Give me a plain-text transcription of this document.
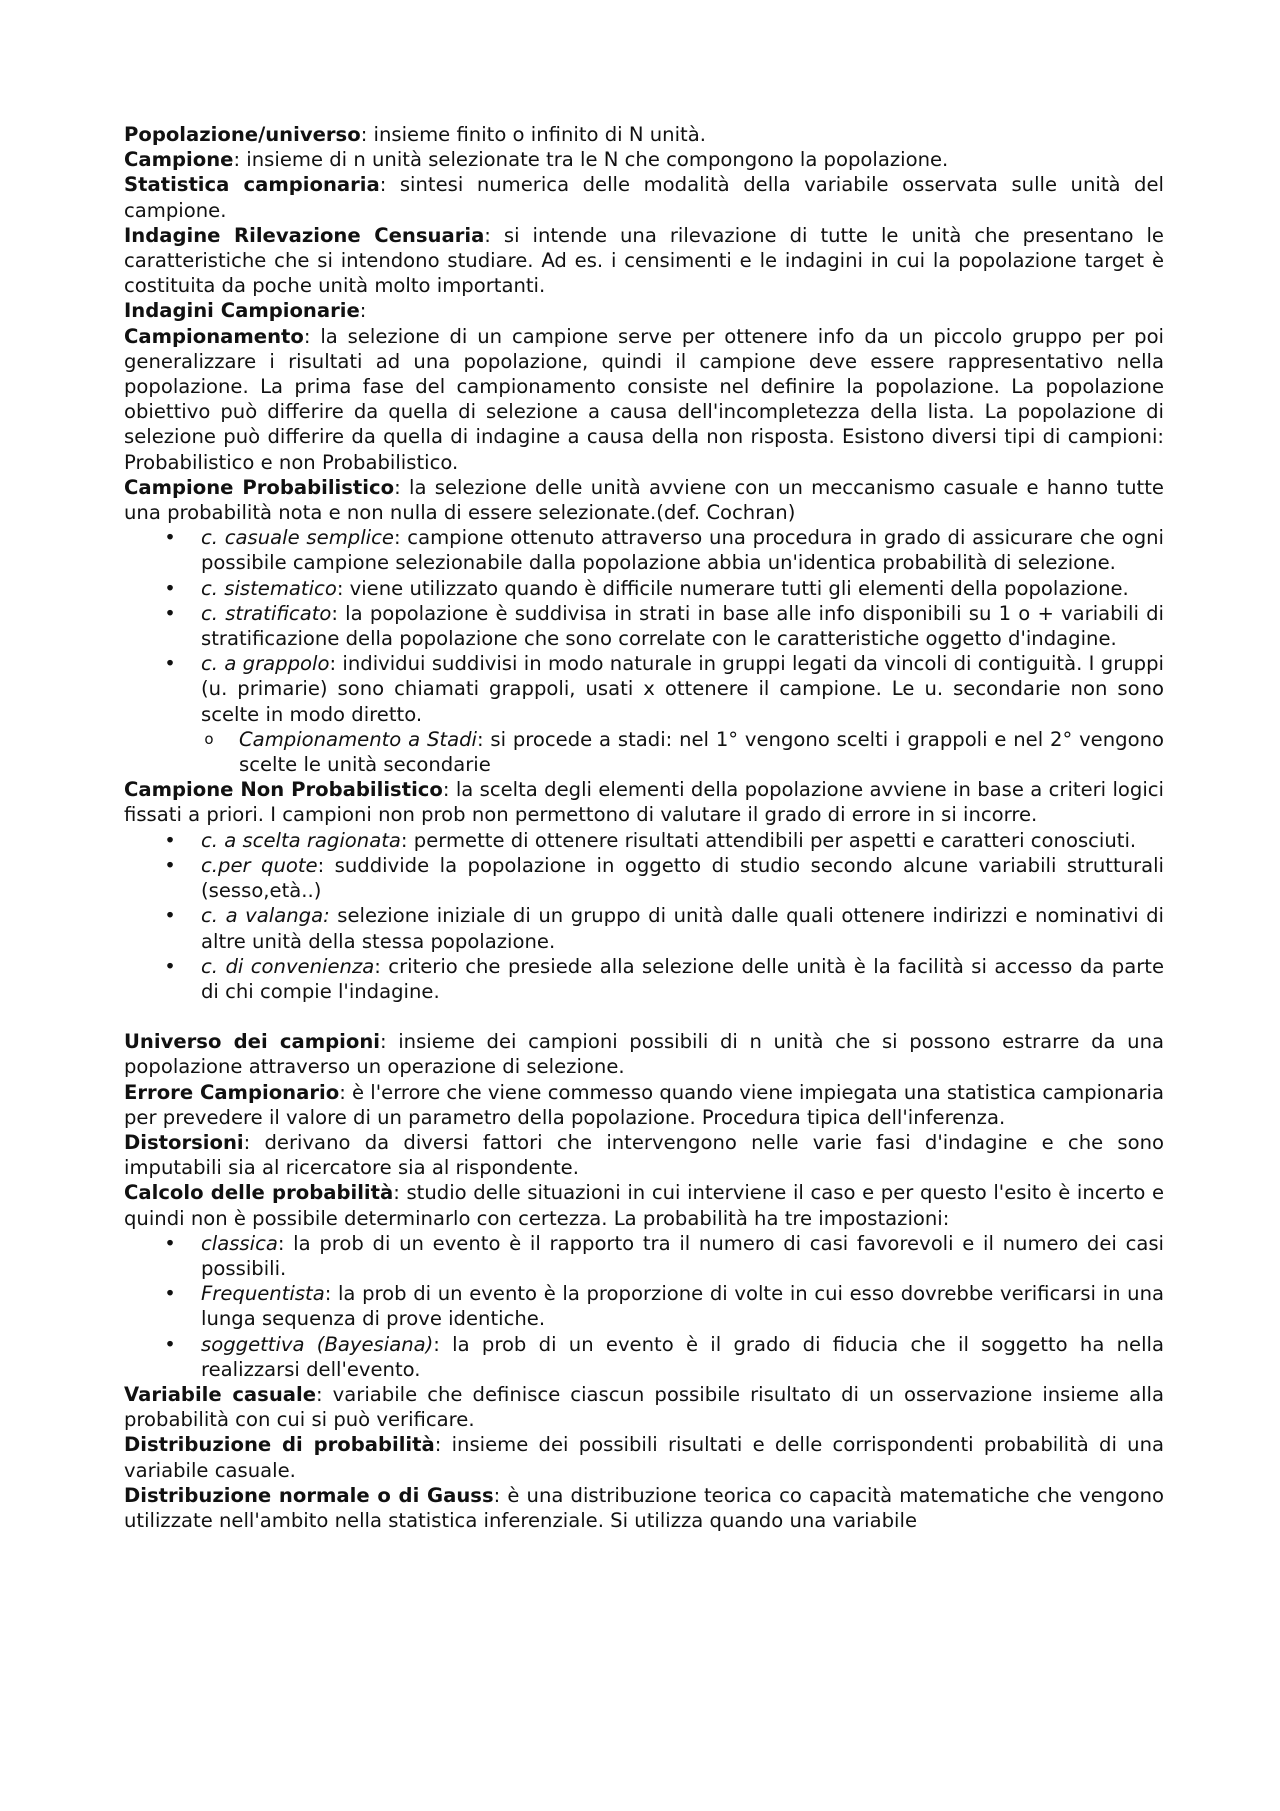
Popolazione/universo: insieme finito o infinito di N unità.

Campione: insieme di n unità selezionate tra le N che compongono la popolazione.

Statistica campionaria: sintesi numerica delle modalità della variabile osservata sulle unità del campione.

Indagine Rilevazione Censuaria: si intende una rilevazione di tutte le unità che presentano le caratteristiche che si intendono studiare. Ad es. i censimenti e le indagini in cui la popolazione target è costituita da poche unità molto importanti.

Indagini Campionarie:

Campionamento: la selezione di un campione serve per ottenere info da un piccolo gruppo per poi generalizzare i risultati ad una popolazione, quindi il campione deve essere rappresentativo nella popolazione. La prima fase del campionamento consiste nel definire la popolazione. La popolazione obiettivo può differire da quella di selezione a causa dell'incompletezza della lista. La popolazione di selezione può differire da quella di indagine a causa della non risposta. Esistono diversi tipi di campioni: Probabilistico e non Probabilistico.

Campione Probabilistico: la selezione delle unità avviene con un meccanismo casuale e hanno tutte una probabilità nota e non nulla di essere selezionate.(def. Cochran)

• c. casuale semplice: campione ottenuto attraverso una procedura in grado di assicurare che ogni possibile campione selezionabile dalla popolazione abbia un'identica probabilità di selezione.
• c. sistematico: viene utilizzato quando è difficile numerare tutti gli elementi della popolazione.
• c. stratificato: la popolazione è suddivisa in strati in base alle info disponibili su 1 o + variabili di stratificazione della popolazione che sono correlate con le caratteristiche oggetto d'indagine.
• c. a grappolo: individui suddivisi in modo naturale in gruppi legati da vincoli di contiguità. I gruppi (u. primarie) sono chiamati grappoli, usati x ottenere il campione. Le u. secondarie non sono scelte in modo diretto.
o Campionamento a Stadi: si procede a stadi: nel 1° vengono scelti i grappoli e nel 2° vengono scelte le unità secondarie

Campione Non Probabilistico: la scelta degli elementi della popolazione avviene in base a criteri logici fissati a priori. I campioni non prob non permettono di valutare il grado di errore in si incorre.

• c. a scelta ragionata: permette di ottenere risultati attendibili per aspetti e caratteri conosciuti.
• c.per quote: suddivide la popolazione in oggetto di studio secondo alcune variabili strutturali (sesso,età..)
• c. a valanga: selezione iniziale di un gruppo di unità dalle quali ottenere indirizzi e nominativi di altre unità della stessa popolazione.
• c. di convenienza: criterio che presiede alla selezione delle unità è la facilità si accesso da parte di chi compie l'indagine.

Universo dei campioni: insieme dei campioni possibili di n unità che si possono estrarre da una popolazione attraverso un operazione di selezione.

Errore Campionario: è l'errore che viene commesso quando viene impiegata una statistica campionaria per prevedere il valore di un parametro della popolazione. Procedura tipica dell'inferenza.

Distorsioni: derivano da diversi fattori che intervengono nelle varie fasi d'indagine e che sono imputabili sia al ricercatore sia al rispondente.

Calcolo delle probabilità: studio delle situazioni in cui interviene il caso e per questo l'esito è incerto e quindi non è possibile determinarlo con certezza. La probabilità ha tre impostazioni:

• classica: la prob di un evento è il rapporto tra il numero di casi favorevoli e il numero dei casi possibili.
• Frequentista: la prob di un evento è la proporzione di volte in cui esso dovrebbe verificarsi in una lunga sequenza di prove identiche.
• soggettiva (Bayesiana): la prob di un evento è il grado di fiducia che il soggetto ha nella realizzarsi dell'evento.

Variabile casuale: variabile che definisce ciascun possibile risultato di un osservazione insieme alla probabilità con cui si può verificare.

Distribuzione di probabilità: insieme dei possibili risultati e delle corrispondenti probabilità di una variabile casuale.

Distribuzione normale o di Gauss: è una distribuzione teorica co capacità matematiche che vengono utilizzate nell'ambito nella statistica inferenziale. Si utilizza quando una variabile
